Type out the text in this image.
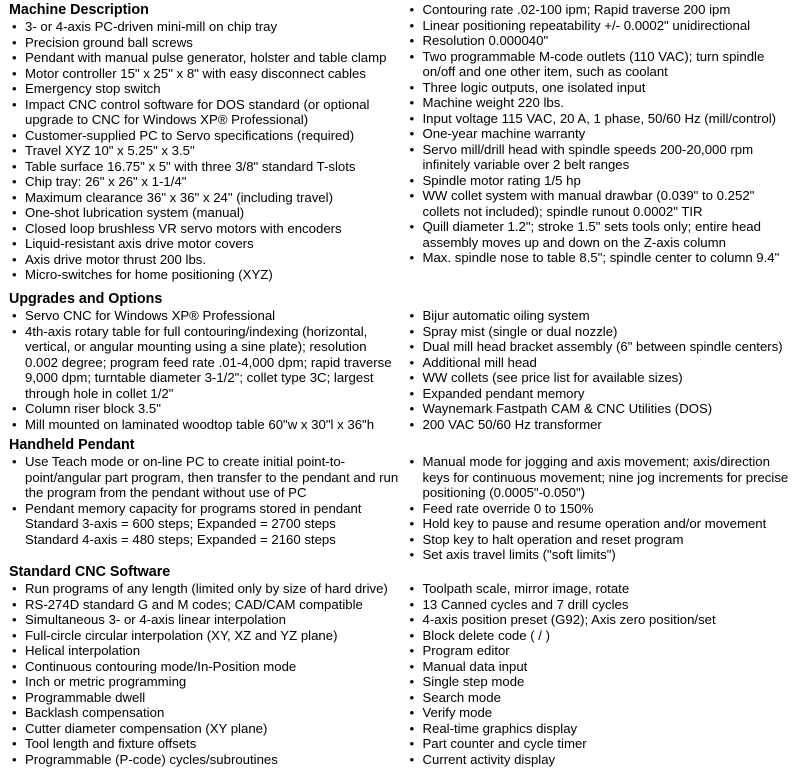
Machine Description
• 3- or 4-axis PC-driven mini-mill on chip tray
• Precision ground ball screws
• Pendant with manual pulse generator, holster and table clamp
• Motor controller 15" x 25" x 8" with easy disconnect cables
• Emergency stop switch
• Impact CNC control software for DOS standard (or optional upgrade to CNC for Windows XP® Professional)
• Customer-supplied PC to Servo specifications (required)
• Travel XYZ 10" x 5.25" x 3.5"
• Table surface 16.75" x 5" with three 3/8" standard T-slots
• Chip tray: 26" x 26" x 1-1/4"
• Maximum clearance 36" x 36" x 24" (including travel)
• One-shot lubrication system (manual)
• Closed loop brushless VR servo motors with encoders
• Liquid-resistant axis drive motor covers
• Axis drive motor thrust 200 lbs.
• Micro-switches for home positioning (XYZ)
• Contouring rate .02-100 ipm; Rapid traverse 200 ipm
• Linear positioning repeatability +/- 0.0002" unidirectional
• Resolution 0.000040"
• Two programmable M-code outlets (110 VAC); turn spindle on/off and one other item, such as coolant
• Three logic outputs, one isolated input
• Machine weight 220 lbs.
• Input voltage 115 VAC, 20 A, 1 phase, 50/60 Hz (mill/control)
• One-year machine warranty
• Servo mill/drill head with spindle speeds 200-20,000 rpm infinitely variable over 2 belt ranges
• Spindle motor rating 1/5 hp
• WW collet system with manual drawbar (0.039" to 0.252" collets not included); spindle runout 0.0002" TIR
• Quill diameter 1.2"; stroke 1.5" sets tools only; entire head assembly moves up and down on the Z-axis column
• Max. spindle nose to table 8.5"; spindle center to column 9.4"
Upgrades and Options
• Servo CNC for Windows XP® Professional
• 4th-axis rotary table for full contouring/indexing (horizontal, vertical, or angular mounting using a sine plate); resolution 0.002 degree; program feed rate .01-4,000 dpm; rapid traverse 9,000 dpm; turntable diameter 3-1/2"; collet type 3C; largest through hole in collet 1/2"
• Column riser block 3.5"
• Mill mounted on laminated woodtop table 60"w x 30"l x 36"h
• Bijur automatic oiling system
• Spray mist (single or dual nozzle)
• Dual mill head bracket assembly (6" between spindle centers)
• Additional mill head
• WW collets (see price list for available sizes)
• Expanded pendant memory
• Waynemark Fastpath CAM & CNC Utilities (DOS)
• 200 VAC 50/60 Hz transformer
Handheld Pendant
• Use Teach mode or on-line PC to create initial point-to-point/angular part program, then transfer to the pendant and run the program from the pendant without use of PC
• Pendant memory capacity for programs stored in pendant
Standard 3-axis = 600 steps; Expanded = 2700 steps
Standard 4-axis = 480 steps; Expanded = 2160 steps
• Manual mode for jogging and axis movement; axis/direction keys for continuous movement; nine jog increments for precise positioning (0.0005"-0.050")
• Feed rate override 0 to 150%
• Hold key to pause and resume operation and/or movement
• Stop key to halt operation and reset program
• Set axis travel limits ("soft limits")
Standard CNC Software
• Run programs of any length (limited only by size of hard drive)
• RS-274D standard G and M codes; CAD/CAM compatible
• Simultaneous 3- or 4-axis linear interpolation
• Full-circle circular interpolation (XY, XZ and YZ plane)
• Helical interpolation
• Continuous contouring mode/In-Position mode
• Inch or metric programming
• Programmable dwell
• Backlash compensation
• Cutter diameter compensation (XY plane)
• Tool length and fixture offsets
• Programmable (P-code) cycles/subroutines
• Toolpath scale, mirror image, rotate
• 13 Canned cycles and 7 drill cycles
• 4-axis position preset (G92); Axis zero position/set
• Block delete code ( / )
• Program editor
• Manual data input
• Single step mode
• Search mode
• Verify mode
• Real-time graphics display
• Part counter and cycle timer
• Current activity display
